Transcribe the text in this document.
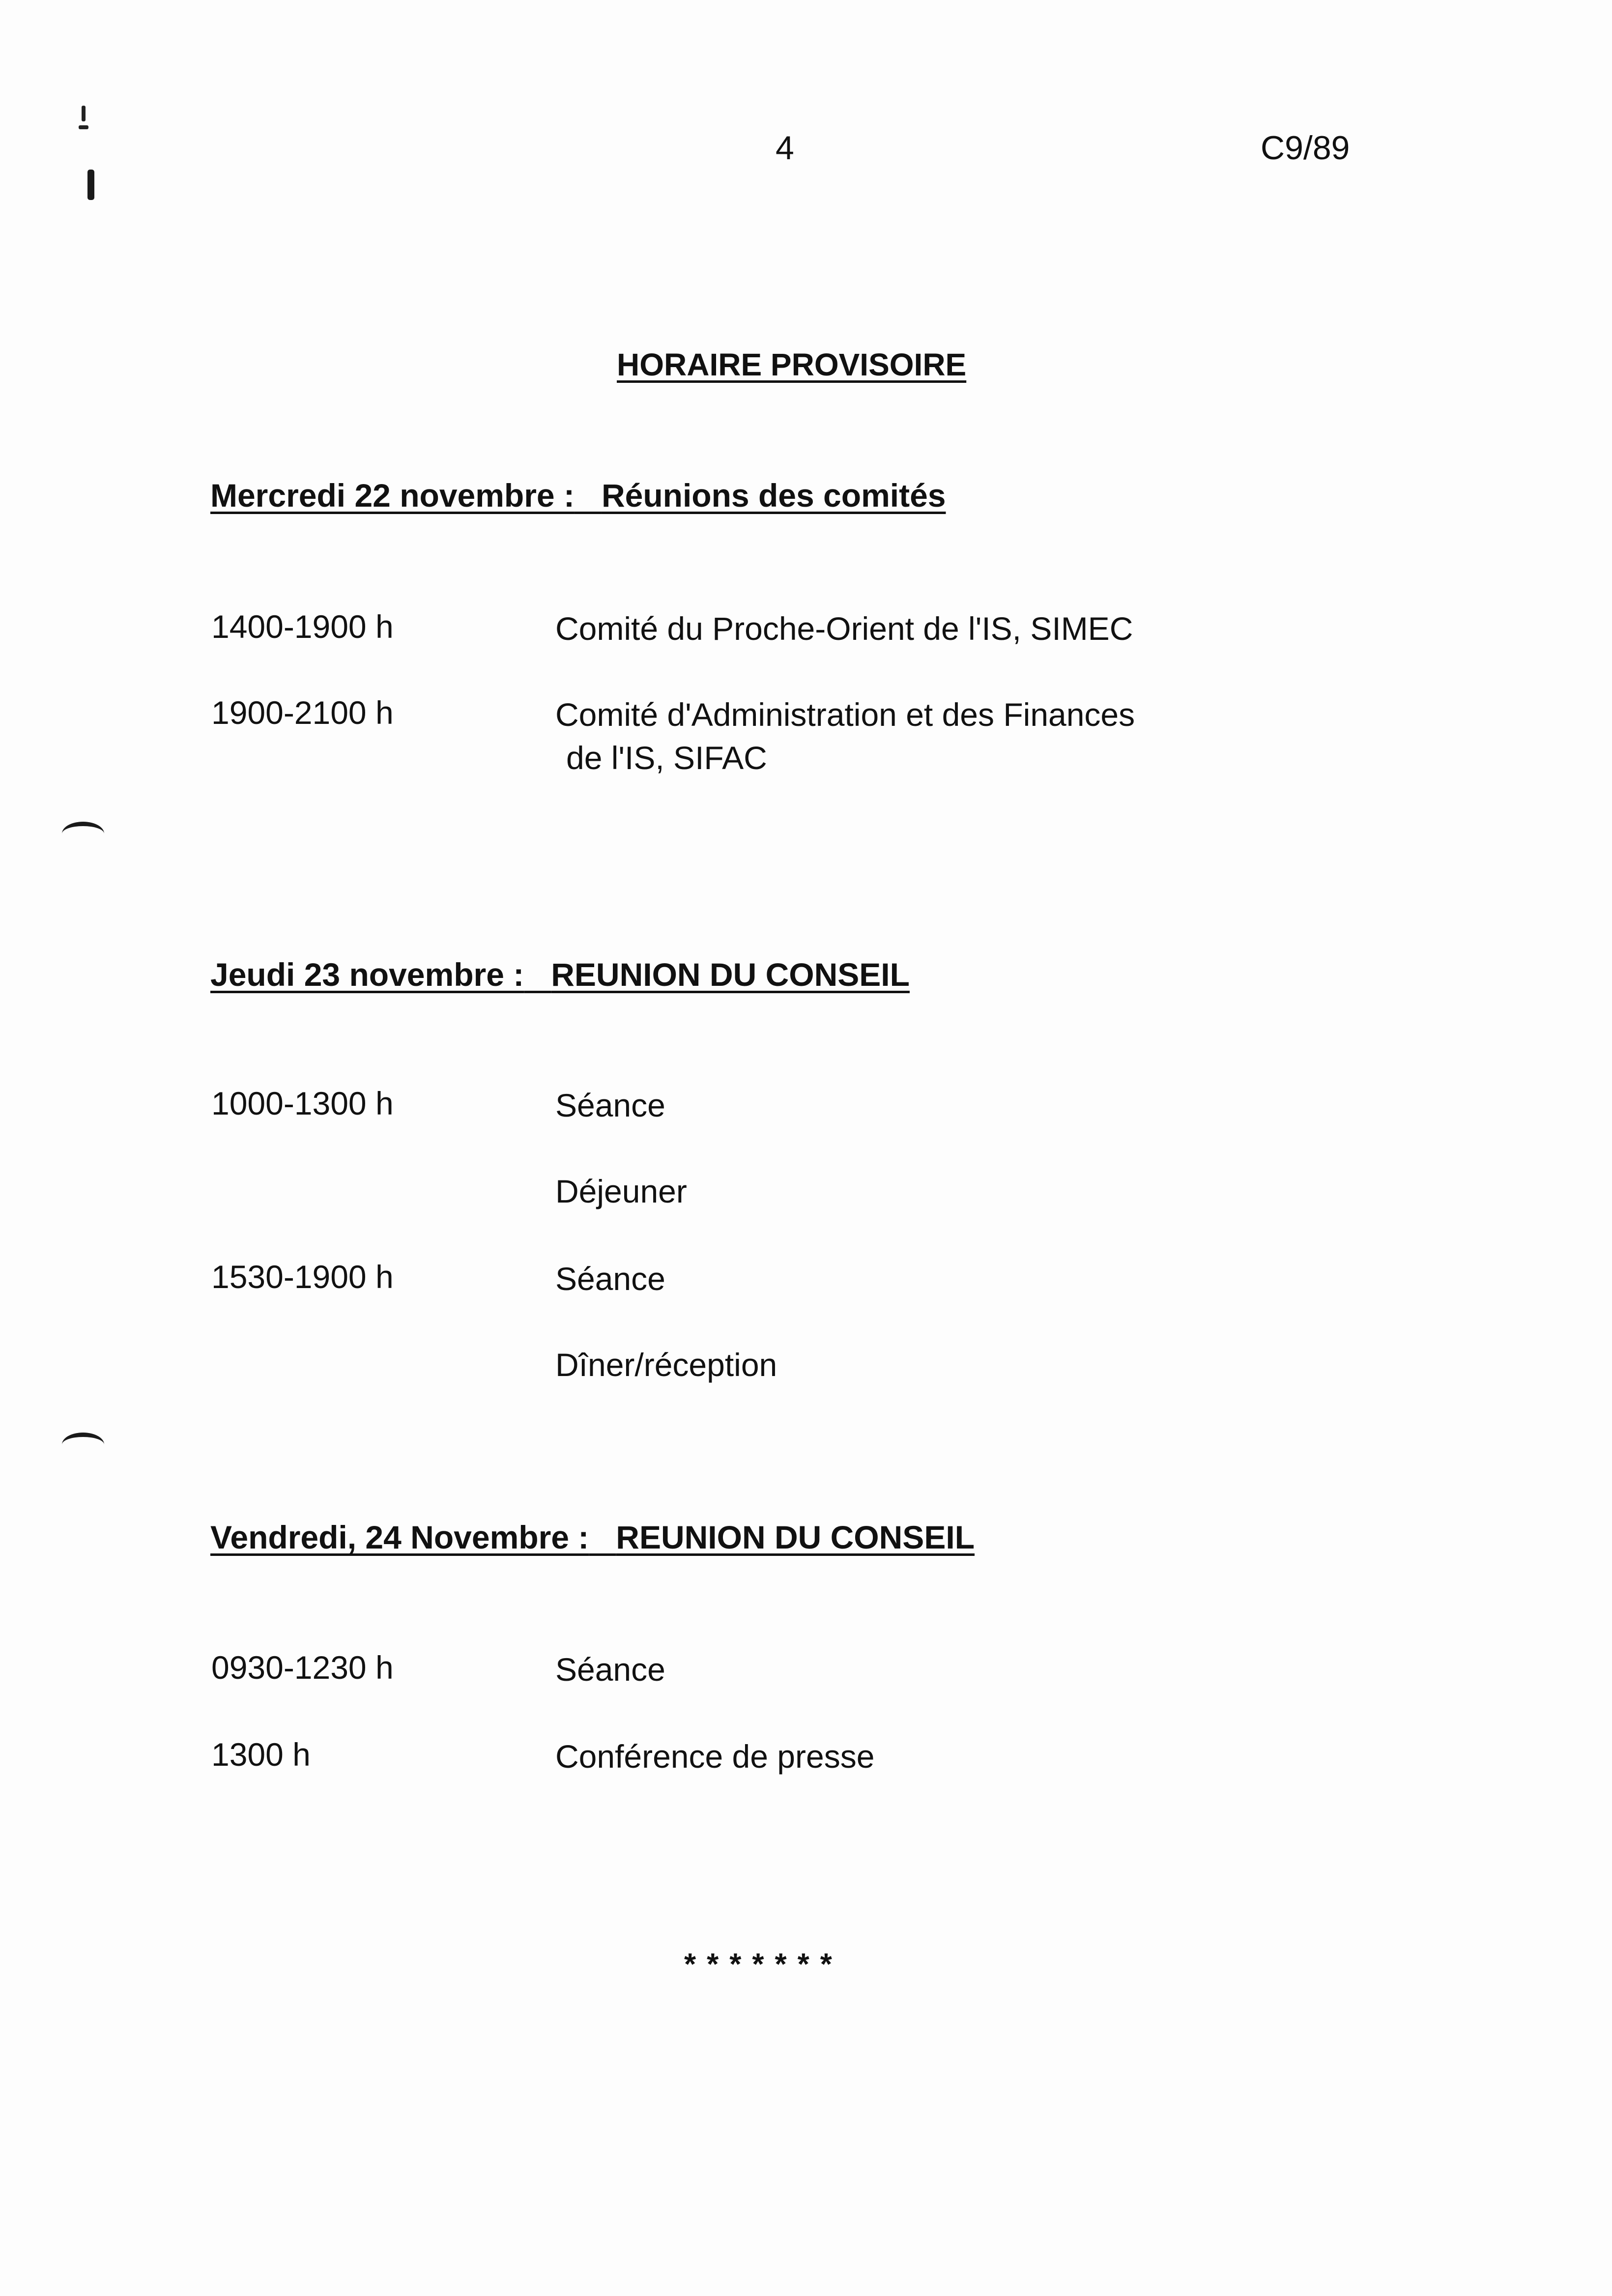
4	C9/89
HORAIRE PROVISOIRE
Mercredi 22 novembre : Réunions des comités
1400-1900 h	Comité du Proche-Orient de l'IS, SIMEC
1900-2100 h	Comité d'Administration et des Finances
de l'IS, SIFAC
Jeudi 23 novembre : REUNION DU CONSEIL
1000-1300 h	Séance
Déjeuner
1530-1900 h	Séance
Dîner/réception
Vendredi, 24 Novembre : REUNION DU CONSEIL
0930-1230 h	Séance
1300 h	Conférence de presse
*******
